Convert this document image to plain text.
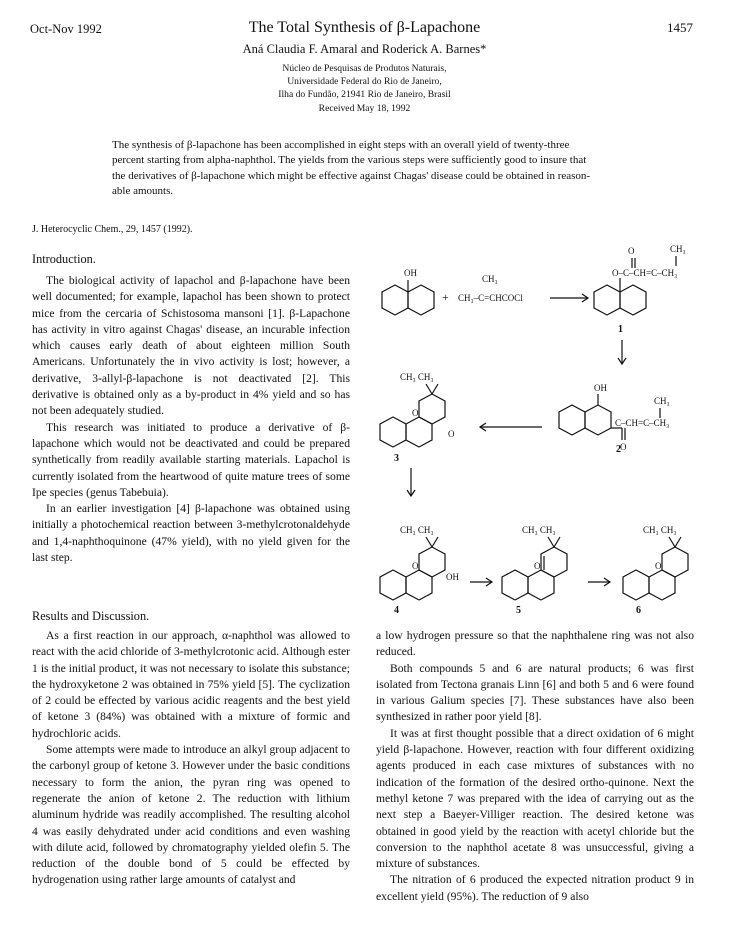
Oct-Nov 1992	The Total Synthesis of β-Lapachone	1457
Aná Claudia F. Amaral and Roderick A. Barnes*
Núcleo de Pesquisas de Produtos Naturais,
Universidade Federal do Rio de Janeiro,
Ilha do Fundão, 21941 Rio de Janeiro, Brasil
Received May 18, 1992
The synthesis of β-lapachone has been accomplished in eight steps with an overall yield of twenty-three
percent starting from alpha-naphthol. The yields from the various steps were sufficiently good to insure that
the derivatives of β-lapachone which might be effective against Chagas' disease could be obtained in reason-
able amounts.
J. Heterocyclic Chem., 29, 1457 (1992).
Introduction.

The biological activity of lapachol and β-lapachone have been well documented; for example, lapachol has been shown to protect mice from the cercaria of Schistosoma mansoni [1]. β-Lapachone has activity in vitro against Chagas' disease, an incurable infection which causes early death of about eighteen million South Americans. Unfortunately the in vivo activity is lost; however, a derivative, 3-allyl-β-lapachone is not deactivated [2]. This derivative is obtained only as a by-product in 4% yield and so has not been adequately studied.

This research was initiated to produce a derivative of β-lapachone which would not be deactivated and could be prepared synthetically from readily available starting materials. Lapachol is currently isolated from the heartwood of quite mature trees of some Ipe species (genus Tabebuia).

In an earlier investigation [4] β-lapachone was obtained using initially a photochemical reaction between 3-methylcrotonaldehyde and 1,4-naphthoquinone (47% yield), with no yield given for the last step.

Results and Discussion.

As a first reaction in our approach, α-naphthol was allowed to react with the acid chloride of 3-methylcrotonic acid. Although ester 1 is the initial product, it was not necessary to isolate this substance; the hydroxyketone 2 was obtained in 75% yield [5]. The cyclization of 2 could be effected by various acidic reagents and the best yield of ketone 3 (84%) was obtained with a mixture of formic and hydrochloric acids.

Some attempts were made to introduce an alkyl group adjacent to the carbonyl group of ketone 3. However under the basic conditions necessary to form the anion, the pyran ring was opened to regenerate the anion of ketone 2. The reduction with lithium aluminum hydride was readily accomplished. The resulting alcohol 4 was easily dehydrated under acid conditions and even washing with dilute acid, followed by chromatography yielded olefin 5. The reduction of the double bond of 5 could be effected by hydrogenation using rather large amounts of catalyst and

a low hydrogen pressure so that the naphthalene ring was not also reduced.

Both compounds 5 and 6 are natural products; 6 was first isolated from Tectona granais Linn [6] and both 5 and 6 were found in various Galium species [7]. These substances have also been synthesized in rather poor yield [8].

It was at first thought possible that a direct oxidation of 6 might yield β-lapachone. However, reaction with four different oxidizing agents produced in each case mixtures of substances with no indication of the formation of the desired ortho-quinone. Next the methyl ketone 7 was prepared with the idea of carrying out as the next step a Baeyer-Villiger reaction. The desired ketone was obtained in good yield by the reaction with acetyl chloride but the conversion to the naphthol acetate 8 was unsuccessful, giving a mixture of substances.

The nitration of 6 produced the expected nitration product 9 in excellent yield (95%). The reduction of 9 also

OH
+
CH₃
CH₃–C=CHCOCl
O	CH₃
O–C–CH=C–CH₃
OH
CH₃
C–CH=C–CH₃
O
CH₃ CH₃
O
O
CH₃ CH₃
O
OH
CH₃ CH₃
O
CH₃ CH₃
O
1
2
3
4	5	6
